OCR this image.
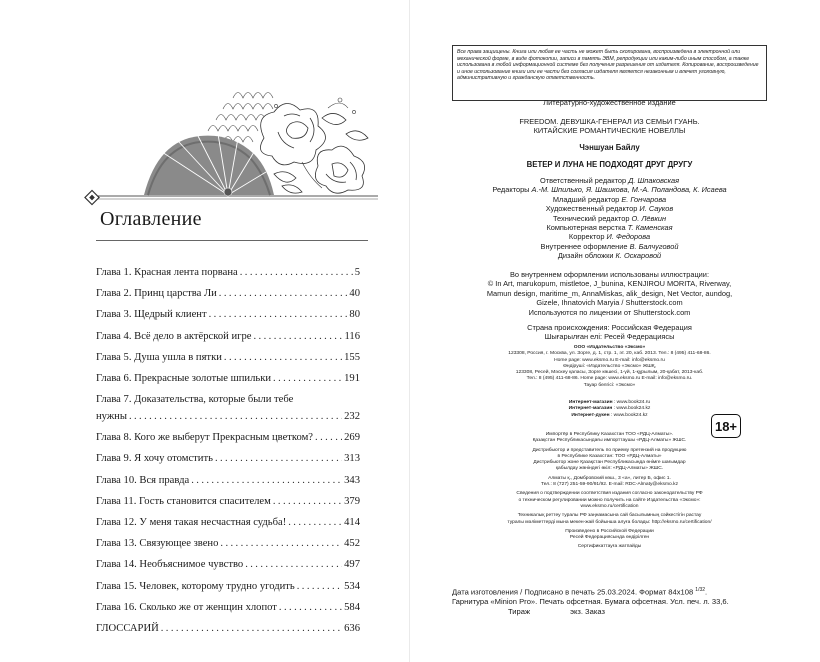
Оглавление
Глава 1. Красная лента порвана .....	5
Глава 2. Принц царства Ли .....	40
Глава 3. Щедрый клиент .....	80
Глава 4. Всё дело в актёрской игре .....	116
Глава 5. Душа ушла в пятки .....	155
Глава 6. Прекрасные золотые шпильки .....	191
Глава 7. Доказательства, которые были тебе
нужны .....	232
Глава 8. Кого же выберут Прекрасным цветком? .....	269
Глава 9. Я хочу отомстить .....	313
Глава 10. Вся правда .....	343
Глава 11. Гость становится спасителем .....	379
Глава 12. У меня такая несчастная судьба! .....	414
Глава 13. Связующее звено .....	452
Глава 14. Необъяснимое чувство .....	497
Глава 15. Человек, которому трудно угодить .....	534
Глава 16. Сколько же от женщин хлопот .....	584
ГЛОССАРИЙ .....	636
Все права защищены. Книга или любая ее часть не может быть скопирована, воспроизведена в электронной или механической форме, в виде фотокопии, записи в память ЭВМ, репродукции или каким-либо иным способом, а также использована в любой информационной системе без получения разрешения от издателя. Копирование, воспроизведение и иное использование книги или ее части без согласия издателя является незаконным и влечет уголовную, административную и гражданскую ответственность.
Литературно-художественное издание
FREEDOM. ДЕВУШКА-ГЕНЕРАЛ ИЗ СЕМЬИ ГУАНЬ.
КИТАЙСКИЕ РОМАНТИЧЕСКИЕ НОВЕЛЛЫ
Чэншуан Байлу
ВЕТЕР И ЛУНА НЕ ПОДХОДЯТ ДРУГ ДРУГУ
Ответственный редактор Д. Шпаковская
Редакторы А.-М. Шпилько, Я. Шашкова, М.-А. Поландова, К. Исаева
Младший редактор Е. Гончарова
Художественный редактор И. Сауков
Технический редактор О. Лёвкин
Компьютерная верстка Т. Каменская
Корректор И. Федорова
Внутреннее оформление В. Балчуговой
Дизайн обложки К. Оскаровой
Во внутреннем оформлении использованы иллюстрации:
© In Art, marukopum, mistletoe, J_bunina, KENJIROU MORITA, Riverway,
Mamun design, maritime_m, AnnaMiskas, alik_design, Net Vector, aundog,
Gizele, Ihnatovich Maryia / Shutterstock.com
Используются по лицензии от Shutterstock.com
Страна происхождения: Российская Федерация
Шығарылған елі: Ресей Федерациясы
ООО «Издательство «Эксмо»
123308, Россия, г. Москва, ул. Зорге, д. 1, стр. 1, эт. 20, каб. 2013. Тел.: 8 (495) 411-68-86.
Home page: www.eksmo.ru E-mail: info@eksmo.ru
Өндіруші: «Издательство «Эксмо» ЖШҚ,
123308, Ресей, Мәскеу қаласы, Зорге көшесі, 1-үй, 1-құрылым, 20-қабат, 2013-каб.
Тел.: 8 (495) 411-68-86. Home page: www.eksmo.ru E-mail: info@eksmo.ru.
Тауар белгісі: «Эксмо»
Интернет-магазин : www.book24.ru
Интернет-магазин : www.book24.kz
Интернет-дүкен : www.book24.kz
18+
Импортёр в Республику Казахстан ТОО «РДЦ-Алматы».
Қазақстан Республикасындағы импорттаушы «РДЦ-Алматы» ЖШС.
Дистрибьютор и представитель по приему претензий на продукцию
в Республике Казахстан: ТОО «РДЦ-Алматы»
Дистрибьютор және Қазақстан Республикасында өнімге шағымдар
қабылдау жөніндегі өкіл: «РДЦ-Алматы» ЖШС.
Алматы қ., Домбровский көш., 3 «а», литер Б, офис 1.
Тел.: 8 (727) 251-59-90/91/92. E-mail: RDC-Almaty@eksmo.kz
Сведения о подтверждении соответствия издания согласно законодательству РФ
о техническом регулировании можно получить на сайте Издательства «Эксмо»:
www.eksmo.ru/certification
Техникалық реттеу туралы РФ заңнамасына сай басылымның сәйкестігін растау
туралы мәліметтерді мына мекен-жай бойынша алуға болады: http://eksmo.ru/certification/
Произведено в Российской Федерации
Ресей Федерациясында өндірілген
Сертификаттауға жатпайды
Дата изготовления / Подписано в печать 25.03.2024. Формат 84х108 $^{1/32}$.
Гарнитура «Minion Pro». Печать офсетная. Бумага офсетная. Усл. печ. л. 33,6.
Тираж	экз. Заказ
